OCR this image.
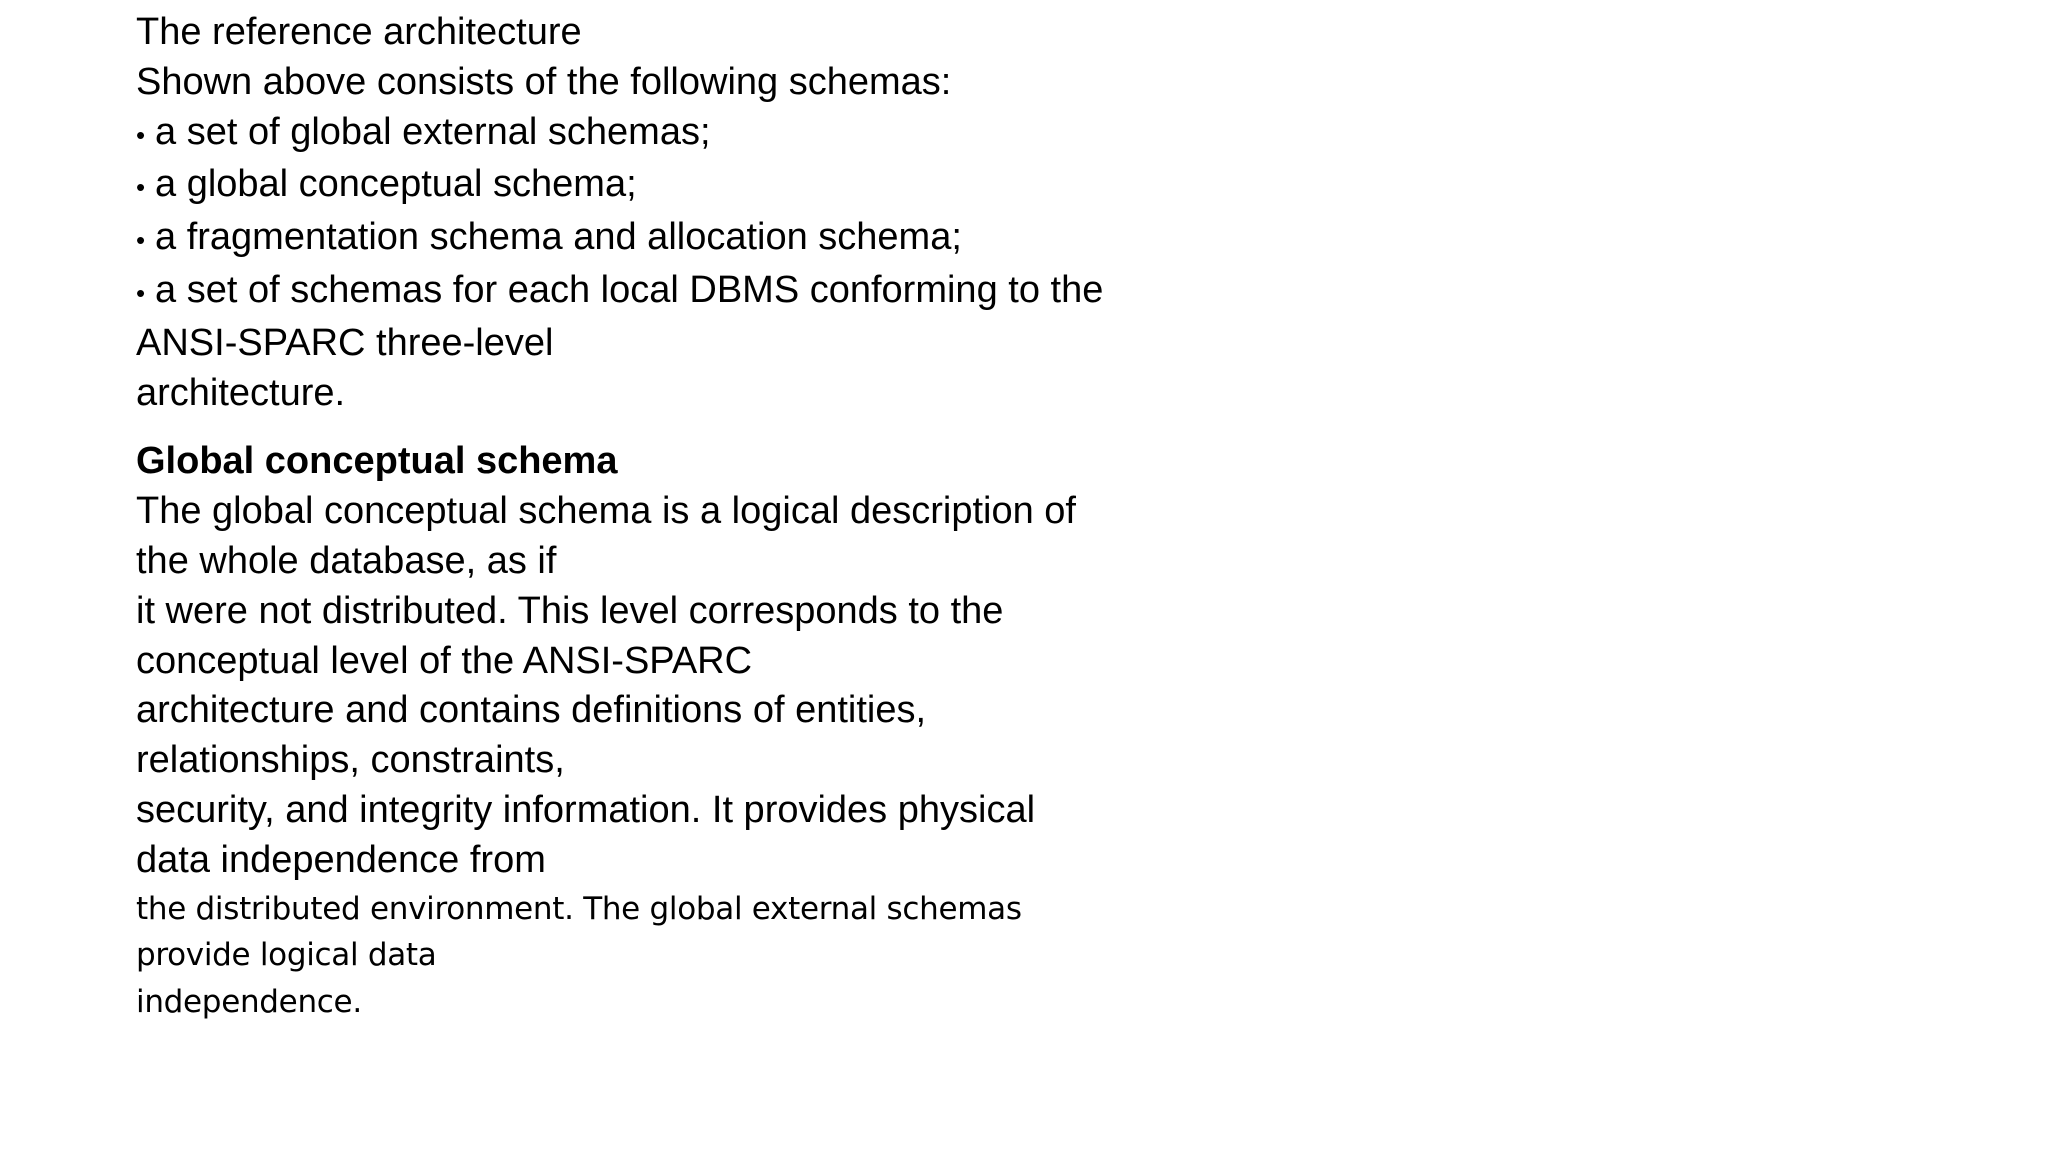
The reference architecture
Shown above consists of the following schemas:
• a set of global external schemas;
• a global conceptual schema;
• a fragmentation schema and allocation schema;
• a set of schemas for each local DBMS conforming to the
ANSI-SPARC three-level
architecture.
Global conceptual schema
The global conceptual schema is a logical description of
the whole database, as if
it were not distributed. This level corresponds to the
conceptual level of the ANSI-SPARC
architecture and contains definitions of entities,
relationships, constraints,
security, and integrity information. It provides physical
data independence from
the distributed environment. The global external schemas
provide logical data
independence.
